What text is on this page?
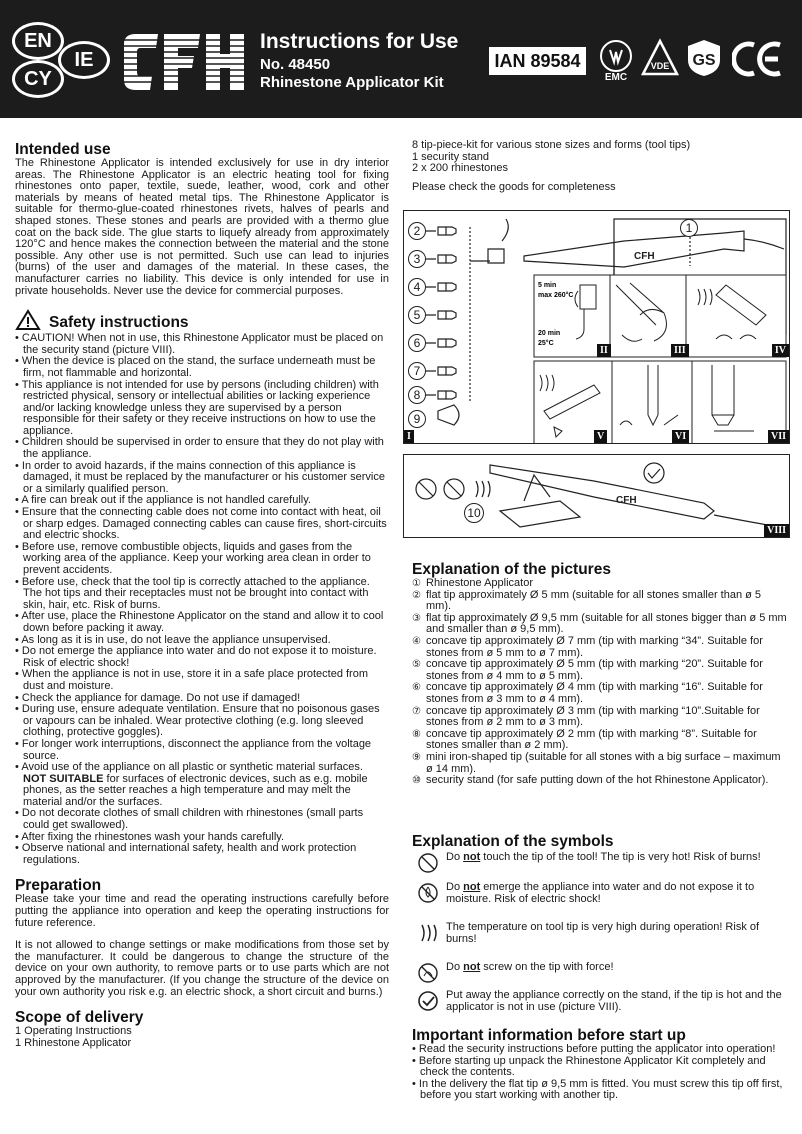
EN
CY
IE
Instructions for Use
No. 48450
Rhinestone Applicator Kit
IAN 89584
EMC
VDE GS
Intended use

The Rhinestone Applicator is intended exclusively for use in dry interior areas. The Rhinestone Applicator is an electric heating tool for fixing rhinestones onto paper, textile, suede, leather, wood, cork and other materials by means of heated metal tips. The Rhinestone Applicator is suitable for thermo-glue-coated rhinestones rivets, halves of pearls and shaped stones. These stones and pearls are provided with a thermo glue coat on the back side. The glue starts to liquefy already from approximately 120°C and hence makes the connection between the material and the stone possible. Any other use is not permitted. Such use can lead to injuries (burns) of the user and damages of the material. In these cases, the manufacturer carries no liability. This device is only intended for use in private households. Never use the device for commercial purposes.

Safety instructions
• CAUTION! When not in use, this Rhinestone Applicator must be placed on the security stand (picture VIII).
• When the device is placed on the stand, the surface underneath must be firm, not flammable and horizontal.
• This appliance is not intended for use by persons (including children) with restricted physical, sensory or intellectual abilities or lacking experience and/or lacking knowledge unless they are supervised by a person responsible for their safety or they receive instructions on how to use the appliance.
• Children should be supervised in order to ensure that they do not play with the appliance.
• In order to avoid hazards, if the mains connection of this appliance is damaged, it must be replaced by the manufacturer or his customer service or a similarly qualified person.
• A fire can break out if the appliance is not handled carefully.
• Ensure that the connecting cable does not come into contact with heat, oil or sharp edges. Damaged connecting cables can cause fires, short-circuits and electric shocks.
• Before use, remove combustible objects, liquids and gases from the working area of the appliance. Keep your working area clean in order to prevent accidents.
• Before use, check that the tool tip is correctly attached to the appliance. The hot tips and their receptacles must not be brought into contact with skin, hair, etc. Risk of burns.
• After use, place the Rhinestone Applicator on the stand and allow it to cool down before packing it away.
• As long as it is in use, do not leave the appliance unsupervised.
• Do not emerge the appliance into water and do not expose it to moisture. Risk of electric shock!
• When the appliance is not in use, store it in a safe place protected from dust and moisture.
• Check the appliance for damage. Do not use if damaged!
• During use, ensure adequate ventilation. Ensure that no poisonous gases or vapours can be inhaled. Wear protective clothing (e.g. long sleeved clothing, protective goggles).
• For longer work interruptions, disconnect the appliance from the voltage source.
• Avoid use of the appliance on all plastic or synthetic material surfaces. NOT SUITABLE for surfaces of electronic devices, such as e.g. mobile phones, as the setter reaches a high temperature and may melt the material and/or the surfaces.
• Do not decorate clothes of small children with rhinestones (small parts could get swallowed).
• After fixing the rhinestones wash your hands carefully.
• Observe national and international safety, health and work protection regulations.
Preparation

Please take your time and read the operating instructions carefully before putting the appliance into operation and keep the operating instructions for future reference.

It is not allowed to change settings or make modifications from those set by the manufacturer. It could be dangerous to change the structure of the device on your own authority, to remove parts or to use parts which are not approved by the manufacturer. (If you change the structure of the device on your own authority you risk e.g. an electric shock, a short circuit and burns.)

Scope of delivery
1 Operating Instructions
1 Rhinestone Applicator
8 tip-piece-kit for various stone sizes and forms (tool tips)
1 security stand
2 x 200 rhinestones

Please check the goods for completeness

CFH
5 min
max 260°C
20 min
25°C
I
II	III	IV
V	VI	VII
1
2
3
4
5
6
7
8
9
CFH
10
VIII
Explanation of the pictures
① Rhinestone Applicator
② flat tip approximately Ø 5 mm (suitable for all stones smaller than ø 5 mm).
③ flat tip approximately Ø 9,5 mm (suitable for all stones bigger than ø 5 mm and smaller than ø 9,5 mm).
④ concave tip approximately Ø 7 mm (tip with marking “34”. Suitable for stones from ø 5 mm to ø 7 mm).
⑤ concave tip approximately Ø 5 mm (tip with marking “20”. Suitable for stones from ø 4 mm to ø 5 mm).
⑥ concave tip approximately Ø 4 mm (tip with marking “16”. Suitable for stones from ø 3 mm to ø 4 mm).
⑦ concave tip approximately Ø 3 mm (tip with marking “10”.Suitable for stones from ø 2 mm to ø 3 mm).
⑧ concave tip approximately Ø 2 mm (tip with marking “8”. Suitable for stones smaller than ø 2 mm).
⑨ mini iron-shaped tip (suitable for all stones with a big surface – maximum ø 14 mm).
⑩ security stand (for safe putting down of the hot Rhinestone Applicator).
Explanation of the symbols
Do not touch the tip of the tool! The tip is very hot! Risk of burns!
Do not emerge the appliance into water and do not expose it to moisture. Risk of electric shock!
The temperature on tool tip is very high during operation! Risk of burns!
Do not screw on the tip with force!
Put away the appliance correctly on the stand, if the tip is hot and the applicator is not in use (picture VIII).
Important information before start up
• Read the security instructions before putting the applicator into operation!
• Before starting up unpack the Rhinestone Applicator Kit completely and check the contents.
• In the delivery the flat tip ø 9,5 mm is fitted. You must screw this tip off first, before you start working with another tip.
